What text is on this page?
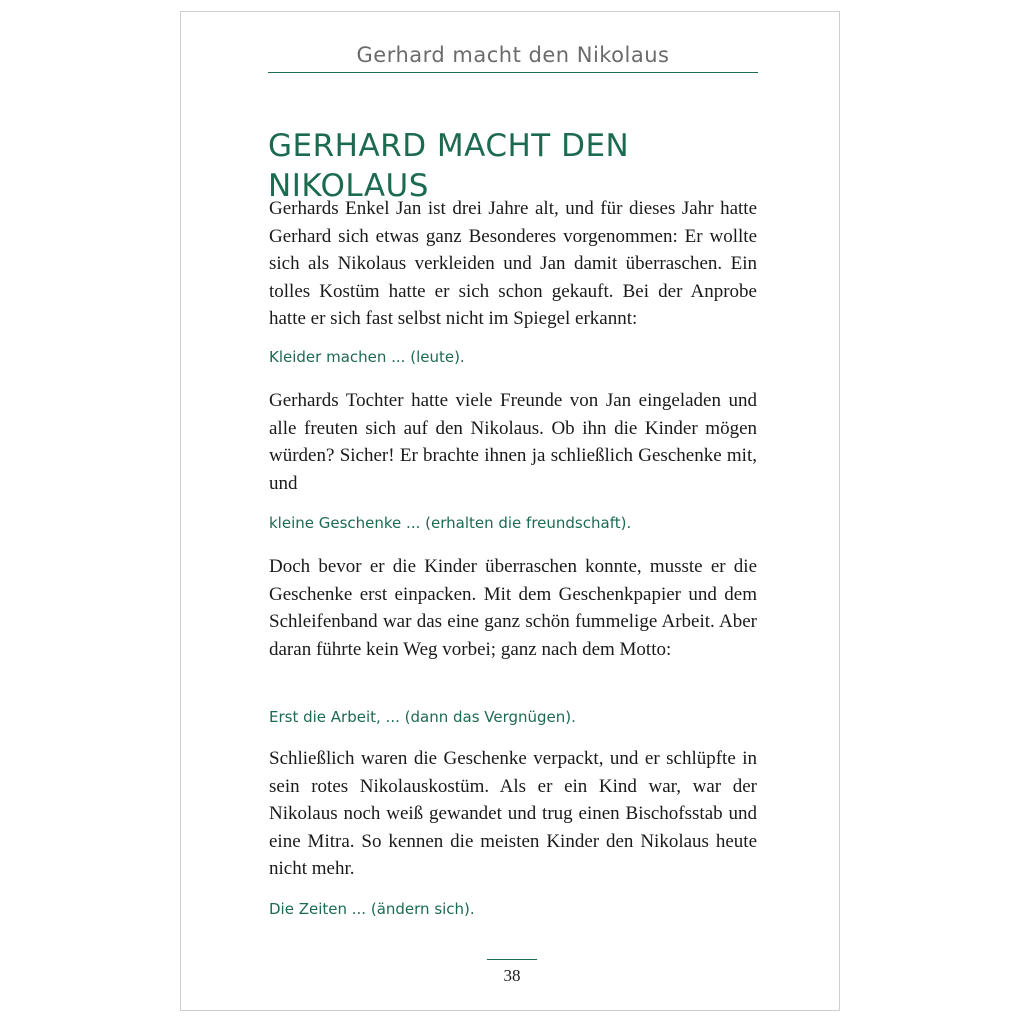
Gerhard macht den Nikolaus
GERHARD MACHT DEN NIKOLAUS

Gerhards Enkel Jan ist drei Jahre alt, und für dieses Jahr hatte Gerhard sich etwas ganz Besonderes vorgenommen: Er wollte sich als Nikolaus verkleiden und Jan damit überraschen. Ein tolles Kostüm hatte er sich schon gekauft. Bei der Anprobe hatte er sich fast selbst nicht im Spiegel erkannt:

Kleider machen ... (leute).

Gerhards Tochter hatte viele Freunde von Jan eingeladen und alle freuten sich auf den Nikolaus. Ob ihn die Kinder mögen würden? Sicher! Er brachte ihnen ja schließlich Geschenke mit, und

kleine Geschenke ... (erhalten die freundschaft).

Doch bevor er die Kinder überraschen konnte, musste er die Geschenke erst einpacken. Mit dem Geschenkpapier und dem Schleifenband war das eine ganz schön fummelige Arbeit. Aber daran führte kein Weg vorbei; ganz nach dem Motto:

Erst die Arbeit, ... (dann das Vergnügen).

Schließlich waren die Geschenke verpackt, und er schlüpfte in sein rotes Nikolauskostüm. Als er ein Kind war, war der Nikolaus noch weiß gewandet und trug einen Bischofsstab und eine Mitra. So kennen die meisten Kinder den Nikolaus heute nicht mehr.

Die Zeiten ... (ändern sich).

38
